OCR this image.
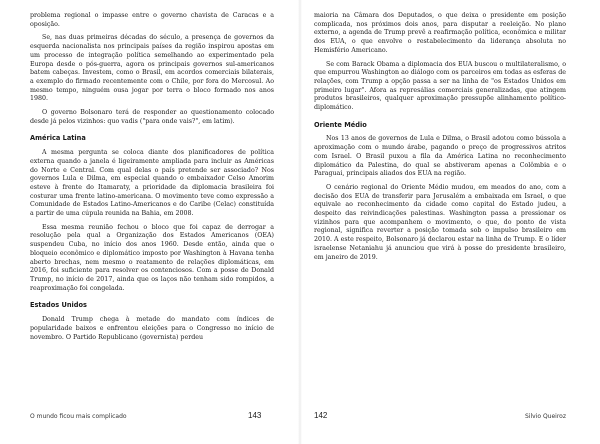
problema regional o impasse entre o governo chavista de Caracas e a oposição.

Se, nas duas primeiras décadas do século, a presença de governos da esquerda nacionalista nos principais países da região inspirou apostas em um processo de integração política semelhando ao experimentado pela Europa desde o pós-guerra, agora os principais governos sul-americanos batem cabeças. Investem, como o Brasil, em acordos comerciais bilaterais, a exemplo do firmado recentemente com o Chile, por fora do Mercosul. Ao mesmo tempo, ninguém ousa jogar por terra o bloco formado nos anos 1980.

O governo Bolsonaro terá de responder ao questionamento colocado desde já pelos vizinhos: quo vadis ("para onde vais?", em latim).

América Latina

A mesma pergunta se coloca diante dos planificadores de política externa quando a janela é ligeiramente ampliada para incluir as Américas do Norte e Central. Com qual delas o país pretende ser associado? Nos governos Lula e Dilma, em especial quando o embaixador Celso Amorim esteve à frente do Itamaraty, a prioridade da diplomacia brasileira foi costurar uma frente latino-americana. O movimento teve como expressão a Comunidade de Estados Latino-Americanos e do Caribe (Celac) constituída a partir de uma cúpula reunida na Bahia, em 2008.

Essa mesma reunião fechou o bloco que foi capaz de derrogar a resolução pela qual a Organização dos Estados Americanos (OEA) suspendeu Cuba, no início dos anos 1960. Desde então, ainda que o bloqueio econômico e diplomático imposto por Washington à Havana tenha aberto brechas, nem mesmo o reatamento de relações diplomáticas, em 2016, foi suficiente para resolver os contenciosos. Com a posse de Donald Trump, no início de 2017, ainda que os laços não tenham sido rompidos, a reaproximação foi congelada.

Estados Unidos

Donald Trump chega à metade do mandato com índices de popularidade baixos e enfrentou eleições para o Congresso no início de novembro. O Partido Republicano (governista) perdeu

O mundo ficou mais complicado	143

maioria na Câmara dos Deputados, o que deixa o presidente em posição complicada, nos próximos dois anos, para disputar a reeleição. No plano externo, a agenda de Trump prevê a reafirmação política, econômica e militar dos EUA, o que envolve o restabelecimento da liderança absoluta no Hemisfério Americano.

Se com Barack Obama a diplomacia dos EUA buscou o multilateralismo, o que empurrou Washington ao diálogo com os parceiros em todas as esferas de relações, com Trump a opção passa a ser na linha de "os Estados Unidos em primeiro lugar". Afora as represálias comerciais generalizadas, que atingem produtos brasileiros, qualquer aproximação pressupõe alinhamento político-diplomático.

Oriente Médio

Nos 13 anos de governos de Lula e Dilma, o Brasil adotou como bússola a aproximação com o mundo árabe, pagando o preço de progressivos atritos com Israel. O Brasil puxou a fila da América Latina no reconhecimento diplomático da Palestina, do qual se abstiveram apenas a Colômbia e o Paraguai, principais aliados dos EUA na região.

O cenário regional do Oriente Médio mudou, em meados do ano, com a decisão dos EUA de transferir para Jerusalém a embaixada em Israel, o que equivale ao reconhecimento da cidade como capital do Estado judeu, a despeito das reivindicações palestinas. Washington passa a pressionar os vizinhos para que acompanhem o movimento, o que, do ponto de vista regional, significa reverter a posição tomada sob o impulso brasileiro em 2010. A este respeito, Bolsonaro já declarou estar na linha de Trump. E o líder israelense Netaniahu já anunciou que virá à posse do presidente brasileiro, em janeiro de 2019.

142	Silvio Queiroz
